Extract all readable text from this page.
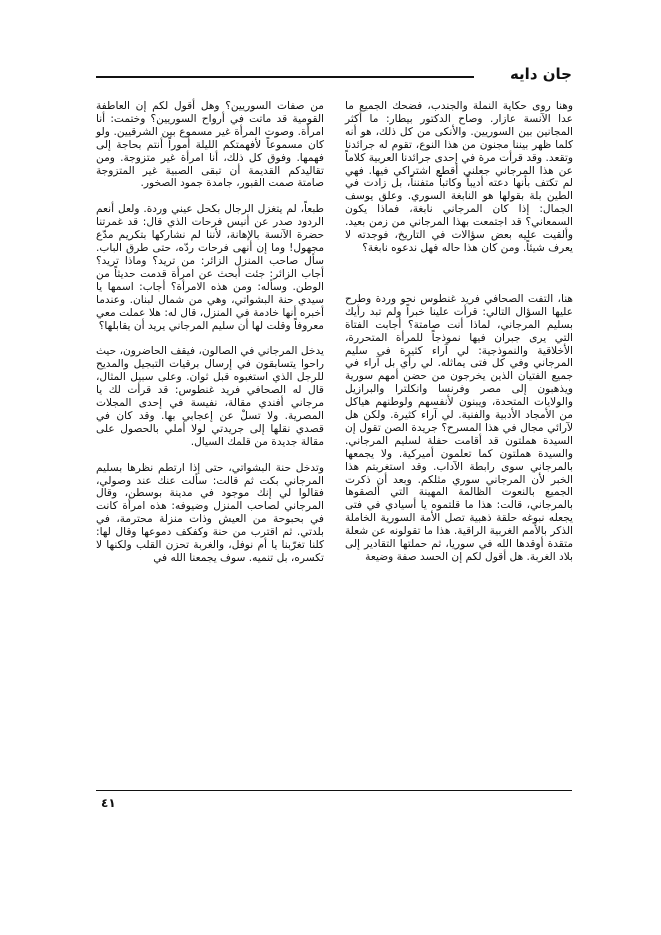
جان دايه

وهنا روى حكاية النملة والجندب، فضحك الجميع ما عدا الآنسة عازار. وصاح الدكتور بيطار: ما أكثر المجانين بين السوريين. والأنكى من كل ذلك، هو أنه كلما ظهر بيننا مجنون من هذا النوع، تقوم له جرائدنا وتقعد. وقد قرأت مرة في إحدى جرائدنا العربية كلاماً عن هذا المرجاني جعلني أقطع اشتراكي فيها. فهي لم تكتف بأنها دعته أديباً وكاتباً متفنناً، بل زادت في الطين بلة بقولها هو النابغة السوري. وعلق يوسف الجمال: إذا كان المرجاني نابغة، فماذا يكون السمعاني؟ قد اجتمعت بهذا المرجاني من زمن بعيد. وألقيت عليه بعض سؤالات في التاريخ، فوجدته لا يعرف شيئاً. ومن كان هذا حاله فهل ندعوه نابغة؟

هنا، التفت الصحافي فريد غنطوس نحو وردة وطرح عليها السؤال التالي: قرأت علينا خبراً ولم تبد رأيك بسليم المرجاني، لماذا أنت صامتة؟ أجابت الفتاة التي يرى جبران فيها نموذجاً للمرأة المتحررة، الأخلاقية والنموذجية: لي آراء كثيرة في سليم المرجاني وفي كل فتى يماثله. لي رأي بل آراء في جميع الفتيان الذين يخرجون من حضن أمهم سورية ويذهبون إلى مصر وفرنسا وانكلترا والبرازيل والولايات المتحدة، ويبنون لأنفسهم ولوطنهم هياكل من الأمجاد الأدبية والفنية. لي آراء كثيرة. ولكن هل لآرائي مجال في هذا المسرح؟ جريدة الصن تقول إن السيدة هملتون قد أقامت حفلة لسليم المرجاني. والسيدة هملتون كما تعلمون أميركية. ولا يجمعها بالمرجاني سوى رابطة الآداب. وقد استغربتم هذا الخبر لأن المرجاني سوري مثلكم. وبعد أن ذكرت الجميع بالنعوت الظالمة المهينة التي ألصقوها بالمرجاني، قالت: هذا ما قلتموه يا أسيادي في فتى يجعله نبوغه حلقة ذهبية تصل الأمة السورية الخاملة الذكر بالأمم الغربية الراقية. هذا ما تقولونه عن شعلة متقدة أوقدها الله في سوريا، ثم حملتها التقادير إلى بلاد الغربة. هل أقول لكم إن الحسد صفة وضيعة

من صفات السوريين؟ وهل أقول لكم إن العاطفة القومية قد ماتت في أرواح السوريين؟ وختمت: أنا امرأة. وصوت المرأة غير مسموع بين الشرقيين. ولو كان مسموعاً لأفهمتكم الليلة أموراً أنتم بحاجة إلى فهمها. وفوق كل ذلك، أنا امرأة غير متزوجة. ومن تقاليدكم القديمة أن تبقى الصبية غير المتزوجة صامتة صمت القبور، جامدة جمود الصخور.

طبعاً، لم يتغزل الرجال بكحل عيني وردة. ولعل أنعم الردود صدر عن أنيس فرحات الذي قال: قد غمرتنا حضرة الآنسة بالإهانة، لأننا لم نشاركها بتكريم مدّع مجهول! وما إن أنهى فرحات ردّه، حتى طرق الباب. سأل صاحب المنزل الزائر: من تريد؟ وماذا تريد؟ أجاب الزائر: جئت أبحث عن امرأة قدمت حديثاً من الوطن. وسأله: ومن هذه الامرأة؟ أجاب: اسمها يا سيدي حنة البشواتي، وهي من شمال لبنان. وعندما أخبره أنها خادمة في المنزل، قال له: هلا عملت معي معروفاً وقلت لها أن سليم المرجاني يريد أن يقابلها؟

يدخل المرجاني في الصالون، فيقف الحاضرون، حيث راحوا يتسابقون في إرسال برقيات التبجيل والمديح للرجل الذي استغبوه قبل ثوان. وعلى سبيل المثال، قال له الصحافي فريد غنطوس: قد قرأت لك يا مرجاني أفندي مقالة، نفيسة في إحدى المجلات المصرية. ولا تسلْ عن إعجابي بها. وقد كان في قصدي نقلها إلى جريدتي لولا أملي بالحصول على مقالة جديدة من قلمك السيال.

وتدخل حنة البشواتي، حتى إذا ارتطم نظرها بسليم المرجاني بكت ثم قالت: سألت عنك عند وصولي، فقالوا لي إنك موجود في مدينة بوسطن، وقال المرجاني لصاحب المنزل وضيوفه: هذه امرأة كانت في بحبوحة من العيش وذات منزلة محترمة، في بلدتي. ثم اقترب من حنة وكفكف دموعها وقال لها: كلنا تغرّبنا يا أم نوفل، والغربة تحزن القلب ولكنها لا تكسره، بل تنميه. سوف يجمعنا الله في

٤١
